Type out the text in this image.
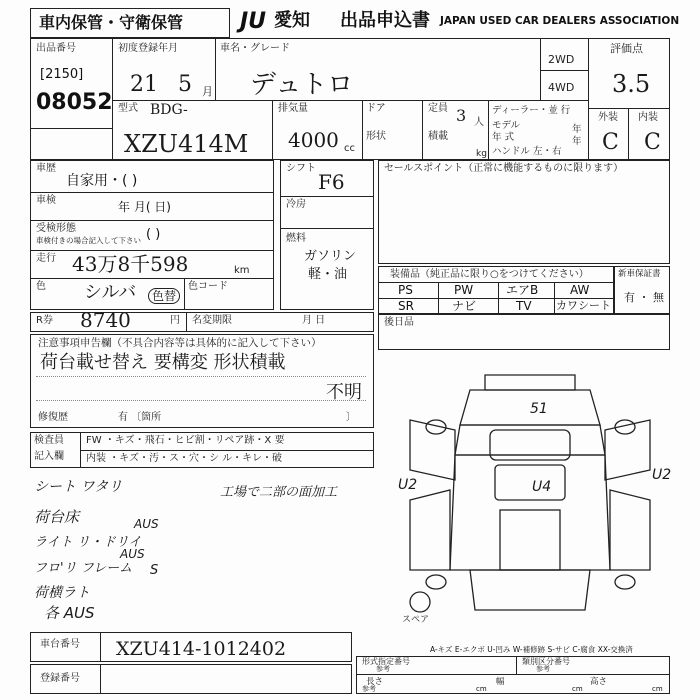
車内保管・守衛保管	JU 愛知 出品申込書 JAPAN USED CAR DEALERS ASSOCIATION
出品番号
[2150]
08052
初度登録年月
21 5 月
車名・グレード
デュトロ
2WD
4WD
評価点
3.5
外装 内装
C C
型式 BDG-
XZU414M
排気量
4000 cc
ドア
形状
定員 3 人
積載
kg
ディーラー・並 行
モデル	年
年 式	年
ハンドル 左・右
車歴
自家用・( )
車検	年 月( 日)
受検形態
車検付きの場合記入して下さい ( )
走行 43万8千598	km
色 シルバ	色替
色コード
シフト
F6
冷房
燃料
ガソリン
軽・油
セールスポイント（正常に機能するものに限ります）
装備品（純正品に限り○をつけてください）
PS	PW	エアB	AW
SR	ナビ	TV カワシート
新車保証書
有 ・ 無
R券 8740	円 名変期限	月 日	後日品
注意事項申告欄（不具合内容等は具体的に記入して下さい）
荷台載せ替え 要構変 形状積載
不明
修復歴	有 〔箇所	〕
検査員
記入欄
FW ・キズ・飛石・ヒビ割・リペア跡・X 要
内装 ・キズ・汚・ス・穴・シ ル・キレ・破
工場で二部の面加工
シート ワタリ
荷台床	AUS
ライト リ・ドリイ
AUS
フロ'リ フレーム S
荷横ラト
各 AUS
51
U4
U2
U2
スペア
車台番号 XZU414-1012402
登録番号
A-キズ E-エクボ U-凹み W-補修跡 S-サビ C-腐食 XX-交換済
形式指定番号
参考
類別区分番号
参考
長さ
参考	cm
幅
cm
高さ
cm
